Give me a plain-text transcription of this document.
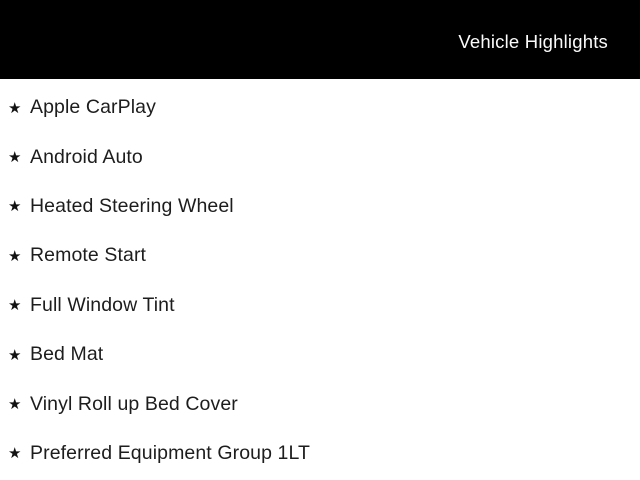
Vehicle Highlights
★ Apple CarPlay
★ Android Auto
★ Heated Steering Wheel
★ Remote Start
★ Full Window Tint
★ Bed Mat
★ Vinyl Roll up Bed Cover
★ Preferred Equipment Group 1LT
